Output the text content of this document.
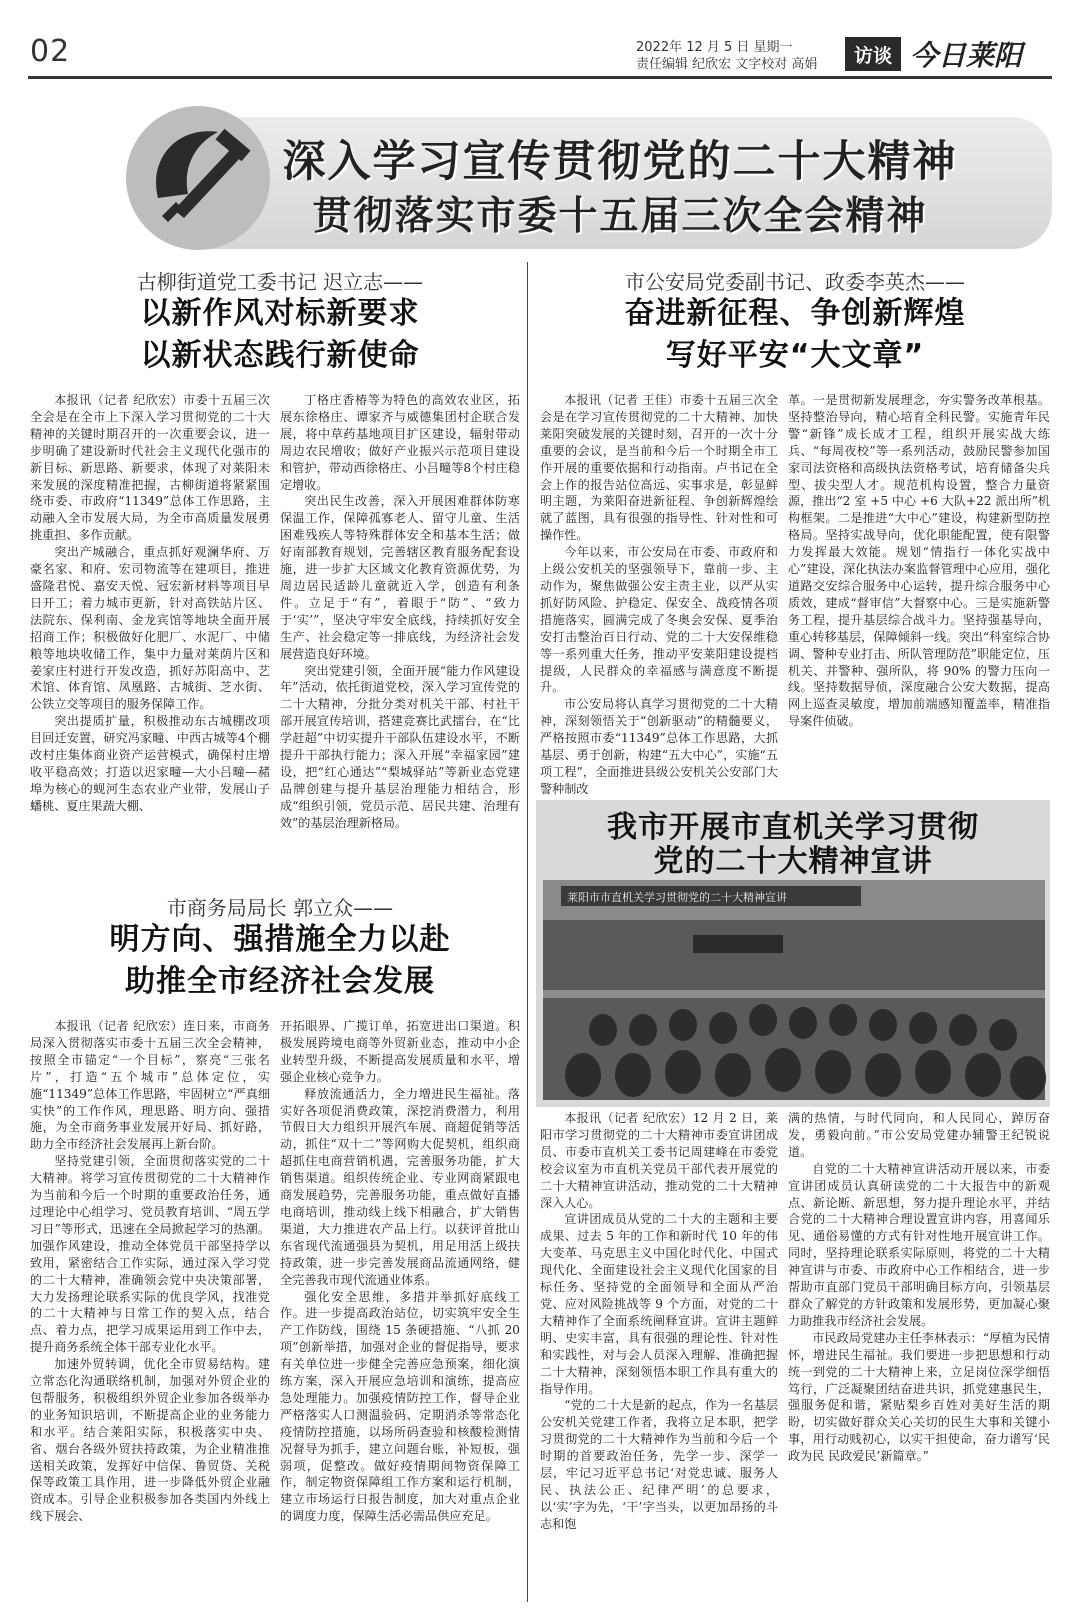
02	2022年 12 月 5 日 星期一
责任编辑 纪欣宏 文字校对 高娟	访谈 今日莱阳
深入学习宣传贯彻党的二十大精神
贯彻落实市委十五届三次全会精神
古柳街道党工委书记 迟立志——
以新作风对标新要求
以新状态践行新使命

本报讯（记者 纪欣宏）市委十五届三次全会是在全市上下深入学习贯彻党的二十大精神的关键时期召开的一次重要会议，进一步明确了建设新时代社会主义现代化强市的新目标、新思路、新要求，体现了对莱阳未来发展的深度精准把握，古柳街道将紧紧围绕市委、市政府“11349”总体工作思路，主动融入全市发展大局，为全市高质量发展勇挑重担、多作贡献。

突出产城融合，重点抓好观澜华府、万豪名家、和府、宏司物流等在建项目，推进盛隆君悦、嘉安天悦、冠宏新材料等项目早日开工；着力城市更新，针对高铁站片区、法院东、保利南、金龙宾馆等地块全面开展招商工作；积极做好化肥厂、水泥厂、中储粮等地块收储工作，集中力量对莱荫片区和姜家庄村进行开发改造，抓好苏阳高中、艺术馆、体育馆、凤凰路、古城街、芝水街、公铁立交等项目的服务保障工作。

突出提质扩量，积极推动东古城棚改项目回迁安置，研究冯家疃、中西古城等4个棚改村庄集体商业资产运营模式，确保村庄增收平稳高效；打造以迟家疃—大小吕疃—赭埠为核心的蚬河生态农业产业带，发展山子蟠桃、夏庄果蔬大棚、

丁格庄香椿等为特色的高效农业区，拓展东徐格庄、谭家齐与威德集团村企联合发展，将中草药基地项目扩区建设，辐射带动周边农民增收；做好产业振兴示范项目建设和管护，带动西徐格庄、小吕疃等8个村庄稳定增收。

突出民生改善，深入开展困难群体防寒保温工作，保障孤寡老人、留守儿童、生活困难残疾人等特殊群体安全和基本生活；做好南部教育规划，完善辖区教育服务配套设施，进一步扩大区域文化教育资源优势，为周边居民适龄儿童就近入学，创造有利条件。立足于“有”，着眼于“防”、“致力于‘实’”，坚决守牢安全底线，持续抓好安全生产、社会稳定等一排底线，为经济社会发展营造良好环境。

突出党建引领，全面开展“能力作风建设年”活动，依托街道党校，深入学习宣传党的二十大精神，分批分类对机关干部、村社干部开展宣传培训，搭建竞赛比武擂台，在“比学赶超”中切实提升干部队伍建设水平，不断提升干部执行能力；深入开展“幸福家园”建设，把“红心通达”“梨城驿站”等新业态党建品牌创建与提升基层治理能力相结合，形成“组织引领，党员示范、居民共建、治理有效”的基层治理新格局。

市公安局党委副书记、政委李英杰——
奋进新征程、争创新辉煌
写好平安“大文章”

本报讯（记者 王佳）市委十五届三次全会是在学习宣传贯彻党的二十大精神、加快莱阳突破发展的关键时刻，召开的一次十分重要的会议，是当前和今后一个时期全市工作开展的重要依据和行动指南。卢书记在全会上作的报告站位高远、实事求是，彰显鲜明主题，为莱阳奋进新征程、争创新辉煌绘就了蓝图，具有很强的指导性、针对性和可操作性。

今年以来，市公安局在市委、市政府和上级公安机关的坚强领导下，靠前一步、主动作为，聚焦做强公安主责主业，以严从实抓好防风险、护稳定、保安全、战疫情各项措施落实，圆满完成了冬奥会安保、夏季治安打击整治百日行动、党的二十大安保维稳等一系列重大任务，推动平安莱阳建设提档提级，人民群众的幸福感与满意度不断提升。

市公安局将认真学习贯彻党的二十大精神，深刻领悟关于“创新驱动”的精髓要义，严格按照市委“11349”总体工作思路，大抓基层、勇于创新，构建“五大中心”，实施“五项工程”，全面推进县级公安机关公安部门大警种制改

革。一是贯彻新发展理念，夯实警务改革根基。坚持整治导向，精心培育全科民警。实施青年民警“新锋”成长成才工程，组织开展实战大练兵、“每周夜校”等一系列活动，鼓励民警参加国家司法资格和高级执法资格考试，培育储备尖兵型、拔尖型人才。规范机构设置，整合力量资源，推出“2 室 +5 中心 +6 大队+22 派出所”机构框架。二是推进“大中心”建设，构建新型防控格局。坚持实战导向，优化职能配置，使有限警力发挥最大效能。规划“情指行一体化实战中心”建设，深化执法办案监督管理中心应用，强化道路交安综合服务中心运转，提升综合服务中心质效，建成“督审信”大督察中心。三是实施新警务工程，提升基层综合战斗力。坚持强基导向，重心转移基层，保障倾斜一线。突出“科室综合协调、警种专业打击、所队管理防范”职能定位，压机关、并警种、强所队，将 90% 的警力压向一线。坚持数据导侦，深度融合公安大数据，提高网上巡查灵敏度，增加前端感知覆盖率，精准指导案件侦破。

市商务局局长 郭立众——
明方向、强措施全力以赴
助推全市经济社会发展

本报讯（记者 纪欣宏）连日来，市商务局深入贯彻落实市委十五届三次全会精神，按照全市锚定“一个目标”，察亮“三张名片”，打造“五个城市”总体定位，实施“11349”总体工作思路，牢固树立“严真细实快”的工作作风，理思路、明方向、强措施，为全市商务事业发展开好局、抓好路，助力全市经济社会发展再上新台阶。

坚持党建引领，全面贯彻落实党的二十大精神。将学习宣传贯彻党的二十大精神作为当前和今后一个时期的重要政治任务，通过理论中心组学习、党员教育培训、“周五学习日”等形式，迅速在全局掀起学习的热潮。加强作风建设，推动全体党员干部坚持学以致用，紧密结合工作实际，通过深入学习党的二十大精神，准确领会党中央决策部署，大力发扬理论联系实际的优良学风，找准党的二十大精神与日常工作的契入点，结合点、着力点，把学习成果运用到工作中去，提升商务系统全体干部专业化水平。

加速外贸转调，优化全市贸易结构。建立常态化沟通联络机制，加强对外贸企业的包帮服务，积极组织外贸企业参加各级举办的业务知识培训，不断提高企业的业务能力和水平。结合莱阳实际，积极落实中央、省、烟台各级外贸扶持政策，为企业精准推送相关政策，发挥好中信保、鲁贸贷、关税保等政策工具作用，进一步降低外贸企业融资成本。引导企业积极参加各类国内外线上线下展会、

开拓眼界、广揽订单，拓宽进出口渠道。积极发展跨境电商等外贸新业态，推动中小企业转型升级，不断提高发展质量和水平，增强企业核心竞争力。

释放流通活力，全力增进民生福祉。落实好各项促消费政策，深挖消费潜力，利用节假日大力组织开展汽车展、商超促销等活动，抓住“双十二”等网购大促契机，组织商超抓住电商营销机遇，完善服务功能，扩大销售渠道。组织传统企业、专业网商紧跟电商发展趋势，完善服务功能，重点做好直播电商培训，推动线上线下相融合，扩大销售渠道，大力推进农产品上行。以获评首批山东省现代流通强县为契机，用足用活上级扶持政策，进一步完善发展商品流通网络，健全完善我市现代流通业体系。

强化安全思维，多措并举抓好底线工作。进一步提高政治站位，切实筑牢安全生产工作防线，围绕 15 条硬措施、“八抓 20 项”创新举措，加强对企业的督促指导，要求有关单位进一步健全完善应急预案，细化演练方案，深入开展应急培训和演练，提高应急处理能力。加强疫情防控工作，督导企业严格落实人口测温验码、定期消杀等常态化疫情防控措施，以场所码查验和核酸检测情况督导为抓手，建立问题台账，补短板，强弱项，促整改。做好疫情期间物资保障工作，制定物资保障组工作方案和运行机制，建立市场运行日报告制度，加大对重点企业的调度力度，保障生活必需品供应充足。

我市开展市直机关学习贯彻
党的二十大精神宣讲
莱阳市市直机关学习贯彻党的二十大精神宣讲

本报讯（记者 纪欣宏）12 月 2 日，莱阳市学习贯彻党的二十大精神市委宣讲团成员、市委市直机关工委书记周建峰在市委党校会议室为市直机关党员干部代表开展党的二十大精神宣讲活动，推动党的二十大精神深入人心。

宣讲团成员从党的二十大的主题和主要成果、过去 5 年的工作和新时代 10 年的伟大变革、马克思主义中国化时代化、中国式现代化、全面建设社会主义现代化国家的目标任务、坚持党的全面领导和全面从严治党、应对风险挑战等 9 个方面，对党的二十大精神作了全面系统阐释宣讲。宣讲主题鲜明、史实丰富，具有很强的理论性、针对性和实践性，对与会人员深入理解、准确把握二十大精神，深刻领悟本职工作具有重大的指导作用。

“党的二十大是新的起点，作为一名基层公安机关党建工作者，我将立足本职，把学习贯彻党的二十大精神作为当前和今后一个时期的首要政治任务，先学一步、深学一层，牢记习近平总书记‘对党忠诚、服务人民、执法公正、纪律严明’的总要求，以‘实’字为先，‘干’字当头，以更加昂扬的斗志和饱

满的热情，与时代同向，和人民同心，踔厉奋发，勇毅向前。”市公安局党建办辅警王纪锐说道。

自党的二十大精神宣讲活动开展以来，市委宣讲团成员认真研读党的二十大报告中的新观点、新论断、新思想，努力提升理论水平，并结合党的二十大精神合理设置宣讲内容，用喜闻乐见、通俗易懂的方式有针对性地开展宣讲工作。同时，坚持理论联系实际原则，将党的二十大精神宣讲与市委、市政府中心工作相结合，进一步帮助市直部门党员干部明确目标方向，引领基层群众了解党的方针政策和发展形势，更加凝心聚力助推我市经济社会发展。

市民政局党建办主任李林表示：“厚植为民情怀，增进民生福祉。我们要进一步把思想和行动统一到党的二十大精神上来，立足岗位深学细悟笃行，广泛凝聚团结奋进共识，抓党建惠民生，强服务促和谐，紧贴梨乡百姓对美好生活的期盼，切实做好群众关心关切的民生大事和关键小事，用行动贱初心，以实干担使命，奋力谱写‘民政为民 民政爱民’新篇章。”
